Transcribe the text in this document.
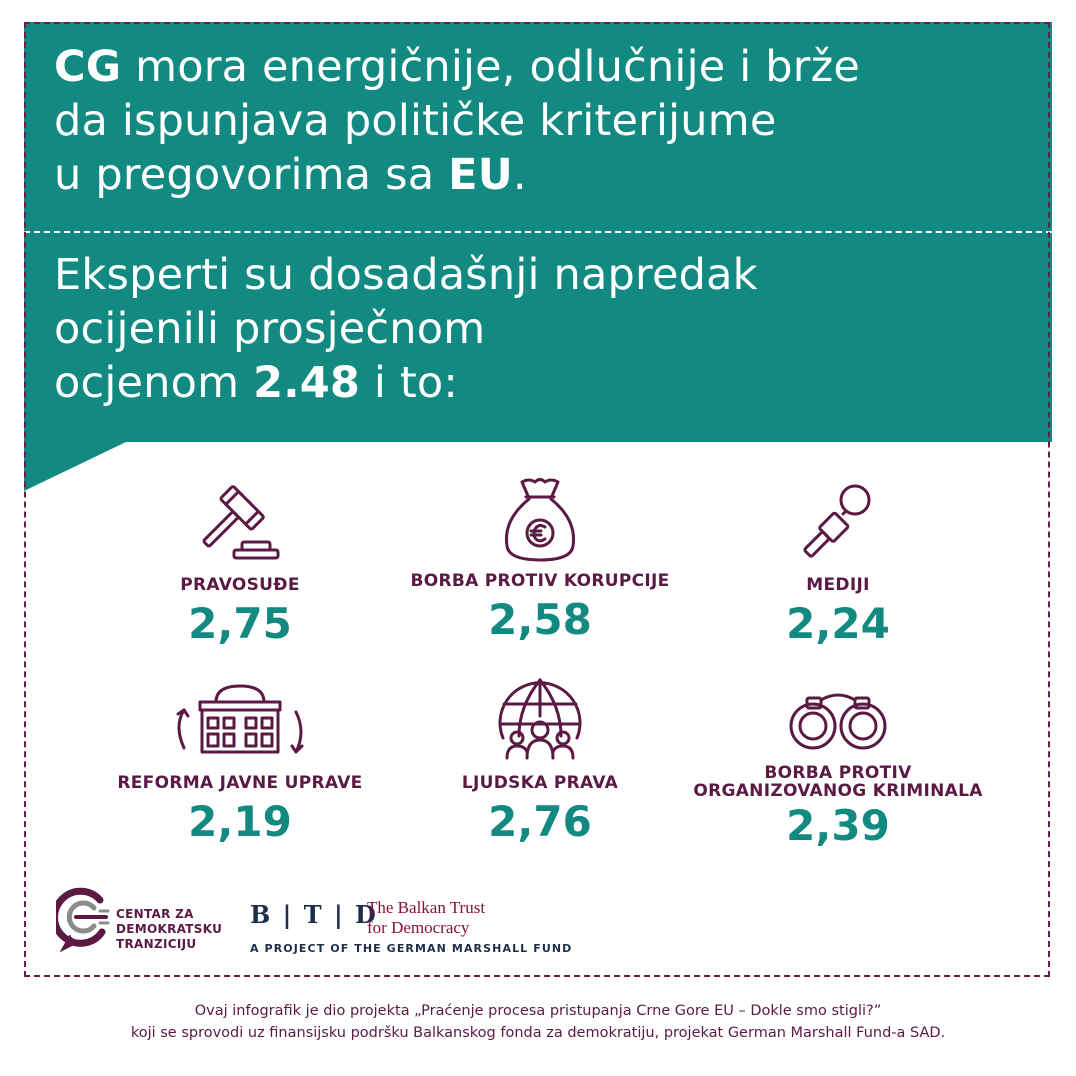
CG mora energičnije, odlučnije i brže
da ispunjava političke kriterijume
u pregovorima sa EU.
Eksperti su dosadašnji napredak
ocijenili prosječnom
ocjenom 2.48 i to:
PRAVOSUĐE
2,75
BORBA PROTIV KORUPCIJE
2,58
MEDIJI
2,24
REFORMA JAVNE UPRAVE
2,19
LJUDSKA PRAVA
2,76
BORBA PROTIV
ORGANIZOVANOG KRIMINALA
2,39
CENTAR ZA
DEMOKRATSKU
TRANZICIJU
B | T | D
The Balkan Trust
for Democracy
A PROJECT OF THE GERMAN MARSHALL FUND
Ovaj infografik je dio projekta „Praćenje procesa pristupanja Crne Gore EU – Dokle smo stigli?”
koji se sprovodi uz finansijsku podršku Balkanskog fonda za demokratiju, projekat German Marshall Fund-a SAD.
